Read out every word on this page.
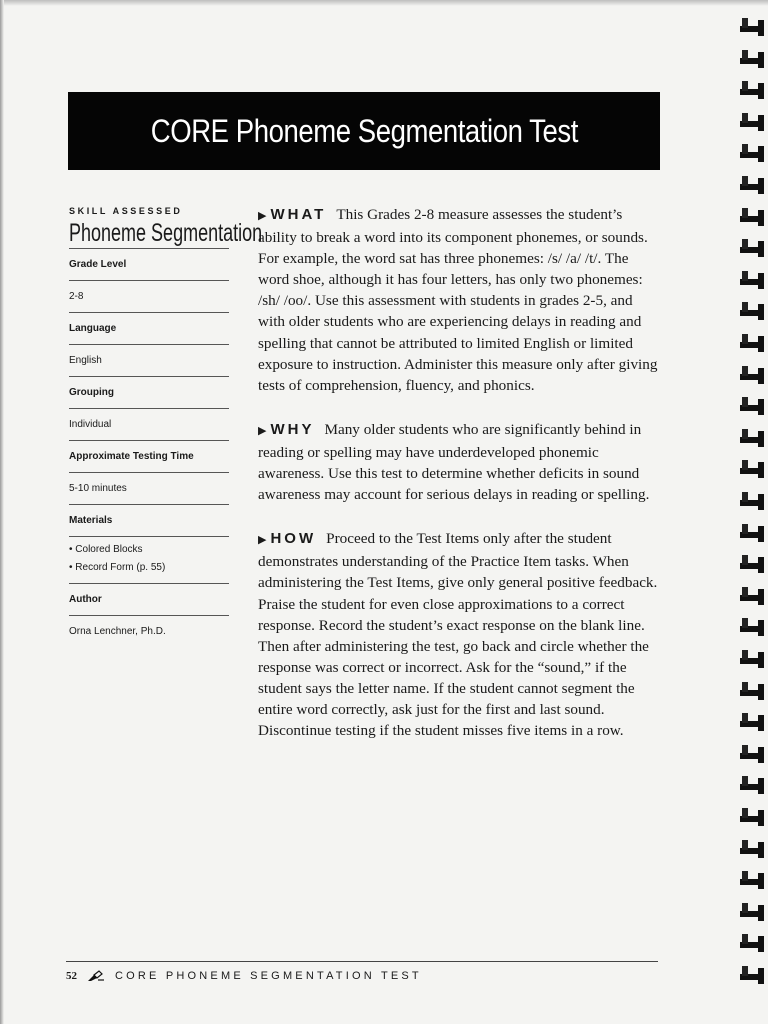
CORE Phoneme Segmentation Test
SKILL ASSESSED
Phoneme Segmentation
Grade Level
2-8
Language
English
Grouping
Individual
Approximate Testing Time
5-10 minutes
Materials
• Colored Blocks
• Record Form (p. 55)
Author
Orna Lenchner, Ph.D.

▶ WHAT This Grades 2-8 measure assesses the student’s ability to break a word into its component phonemes, or sounds. For example, the word sat has three phonemes: /s/ /a/ /t/. The word shoe, although it has four letters, has only two phonemes: /sh/ /oo/. Use this assessment with students in grades 2-5, and with older students who are experiencing delays in reading and spelling that cannot be attributed to limited English or limited exposure to instruction. Administer this measure only after giving tests of comprehension, fluency, and phonics.

▶ WHY Many older students who are significantly behind in reading or spelling may have underdeveloped phonemic awareness. Use this test to determine whether deficits in sound awareness may account for serious delays in reading or spelling.

▶ HOW Proceed to the Test Items only after the student demonstrates understanding of the Practice Item tasks. When administering the Test Items, give only general positive feedback. Praise the student for even close approximations to a correct response. Record the student’s exact response on the blank line. Then after administering the test, go back and circle whether the response was correct or incorrect. Ask for the “sound,” if the student says the letter name. If the student cannot segment the entire word correctly, ask just for the first and last sound. Discontinue testing if the student misses five items in a row.

52	CORE PHONEME SEGMENTATION TEST
